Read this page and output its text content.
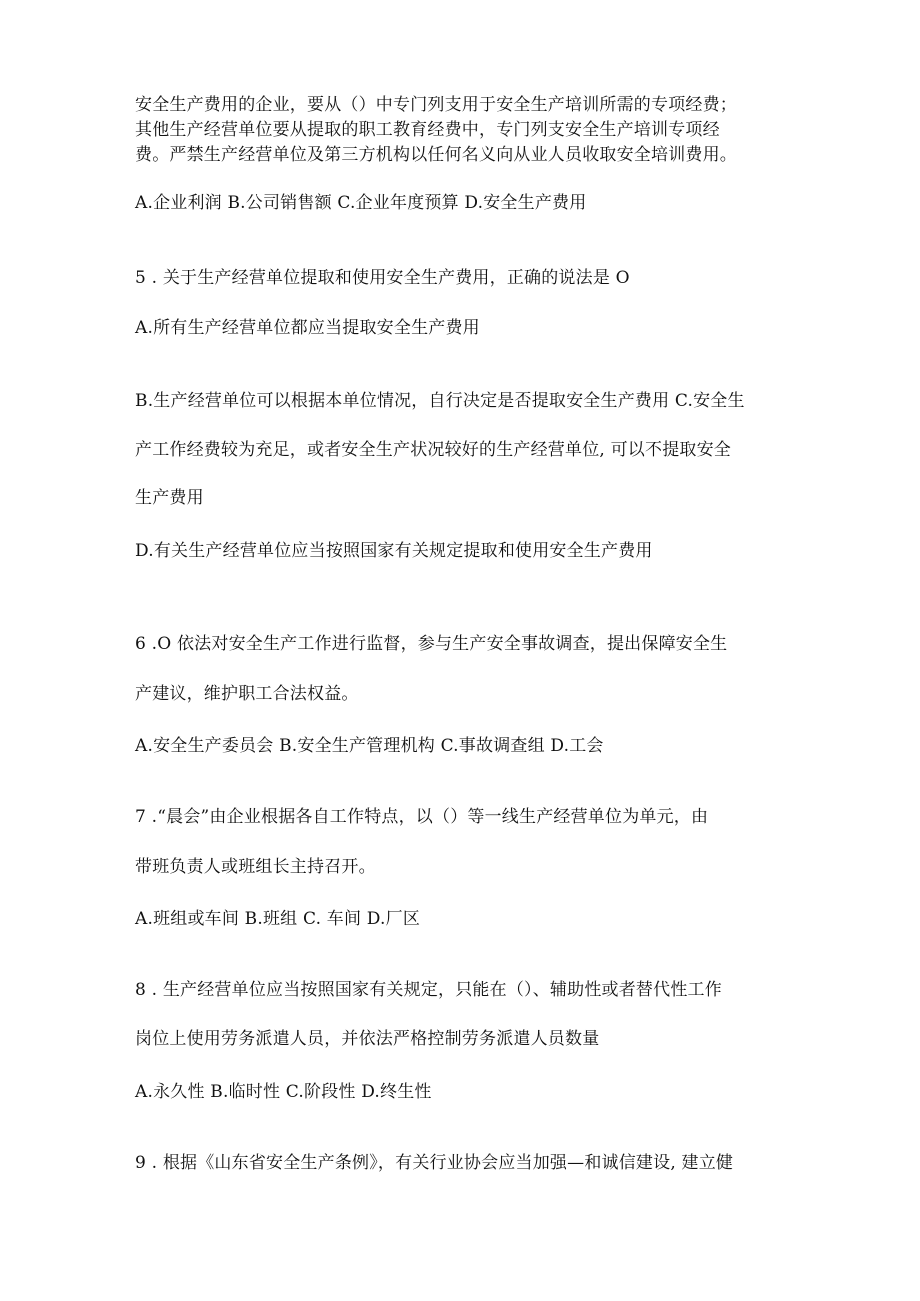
安全生产费用的企业，要从（）中专门列支用于安全生产培训所需的专项经费；
其他生产经营单位要从提取的职工教育经费中，专门列支安全生产培训专项经
费。严禁生产经营单位及第三方机构以任何名义向从业人员收取安全培训费用。
A.企业利润 B.公司销售额 C.企业年度预算 D.安全生产费用
5 . 关于生产经营单位提取和使用安全生产费用，正确的说法是 O
A.所有生产经营单位都应当提取安全生产费用
B.生产经营单位可以根据本单位情况，自行决定是否提取安全生产费用 C.安全生
产工作经费较为充足，或者安全生产状况较好的生产经营单位, 可以不提取安全
生产费用
D.有关生产经营单位应当按照国家有关规定提取和使用安全生产费用
6 .O 依法对安全生产工作进行监督，参与生产安全事故调查，提出保障安全生
产建议，维护职工合法权益。
A.安全生产委员会 B.安全生产管理机构 C.事故调查组 D.工会
7 .“晨会”由企业根据各自工作特点，以（）等一线生产经营单位为单元，由
带班负责人或班组长主持召开。
A.班组或车间 B.班组 C. 车间 D.厂区
8 . 生产经营单位应当按照国家有关规定，只能在（）、辅助性或者替代性工作
岗位上使用劳务派遣人员，并依法严格控制劳务派遣人员数量
A.永久性 B.临时性 C.阶段性 D.终生性
9 . 根据《山东省安全生产条例》，有关行业协会应当加强—和诚信建设, 建立健
